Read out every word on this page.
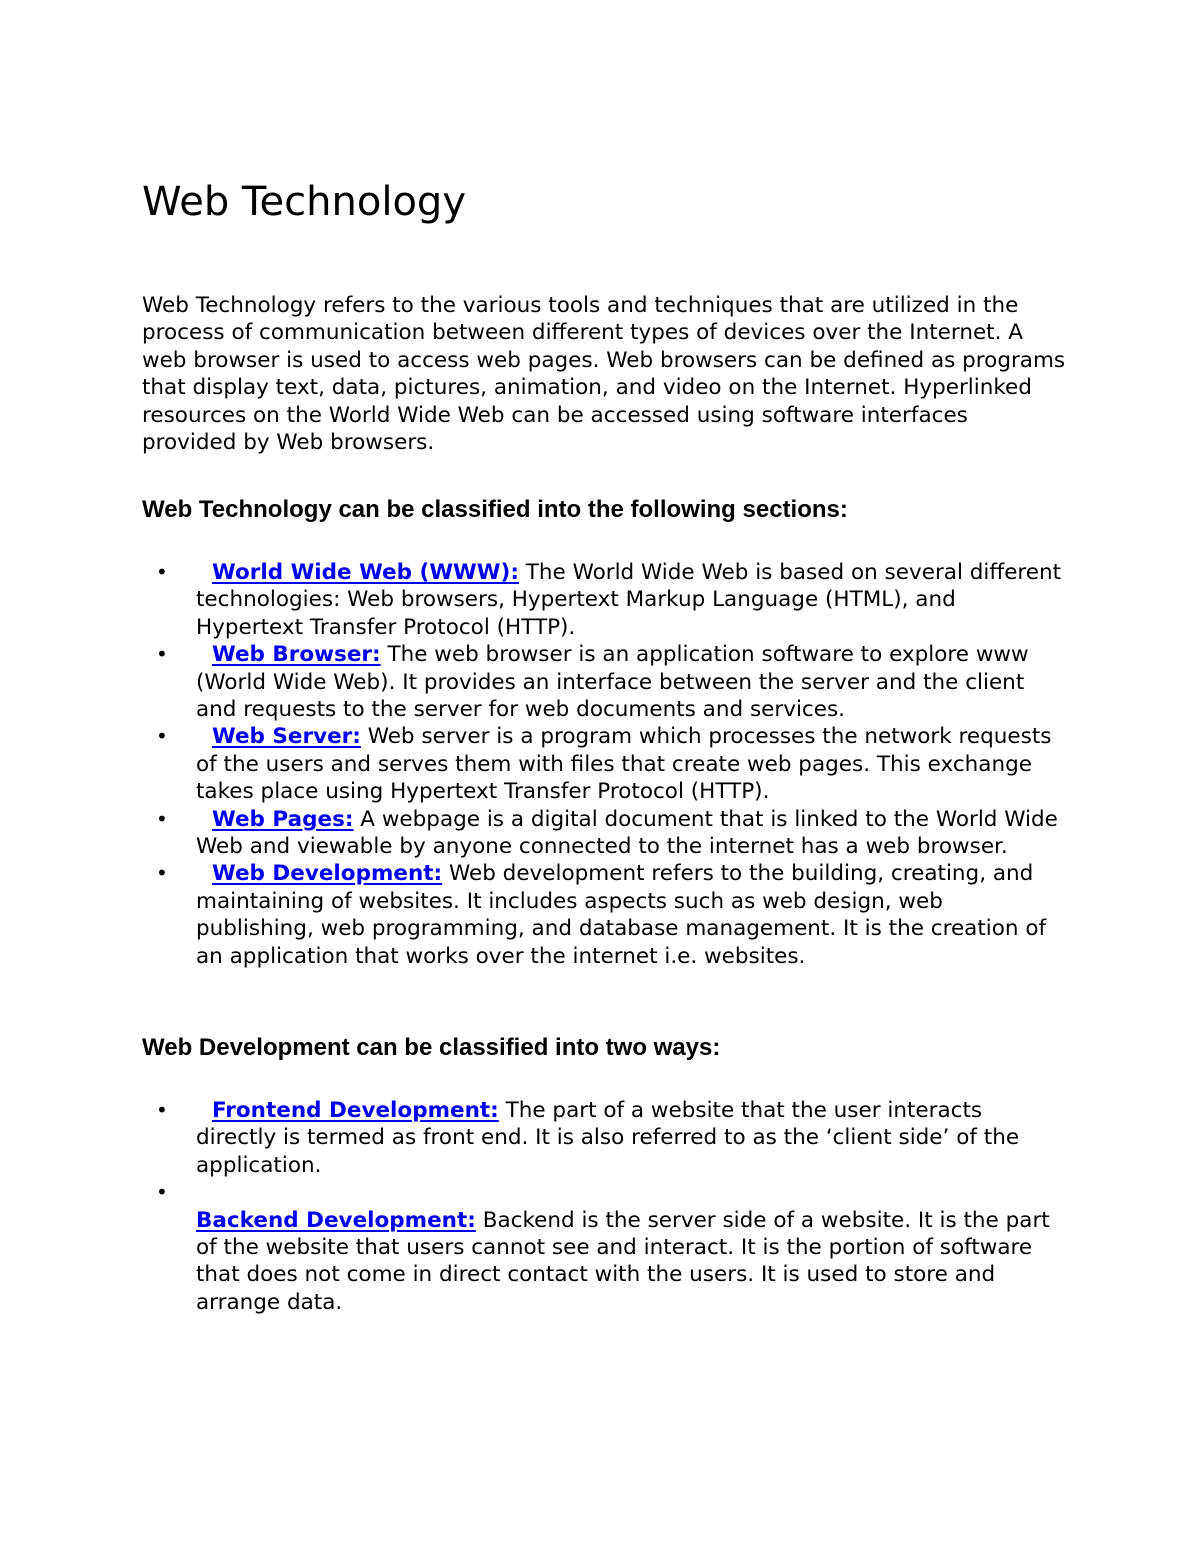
Web Technology

Web Technology refers to the various tools and techniques that are utilized in the process of communication between different types of devices over the Internet. A web browser is used to access web pages. Web browsers can be defined as programs that display text, data, pictures, animation, and video on the Internet. Hyperlinked resources on the World Wide Web can be accessed using software interfaces provided by Web browsers.

Web Technology can be classified into the following sections:
• World Wide Web (WWW): The World Wide Web is based on several different technologies: Web browsers, Hypertext Markup Language (HTML), and Hypertext Transfer Protocol (HTTP).
• Web Browser: The web browser is an application software to explore www (World Wide Web). It provides an interface between the server and the client and requests to the server for web documents and services.
• Web Server: Web server is a program which processes the network requests of the users and serves them with files that create web pages. This exchange takes place using Hypertext Transfer Protocol (HTTP).
• Web Pages: A webpage is a digital document that is linked to the World Wide Web and viewable by anyone connected to the internet has a web browser.
• Web Development: Web development refers to the building, creating, and maintaining of websites. It includes aspects such as web design, web publishing, web programming, and database management. It is the creation of an application that works over the internet i.e. websites.
Web Development can be classified into two ways:
• Frontend Development: The part of a website that the user interacts directly is termed as front end. It is also referred to as the ‘client side’ of the application.
•
Backend Development: Backend is the server side of a website. It is the part of the website that users cannot see and interact. It is the portion of software that does not come in direct contact with the users. It is used to store and arrange data.
